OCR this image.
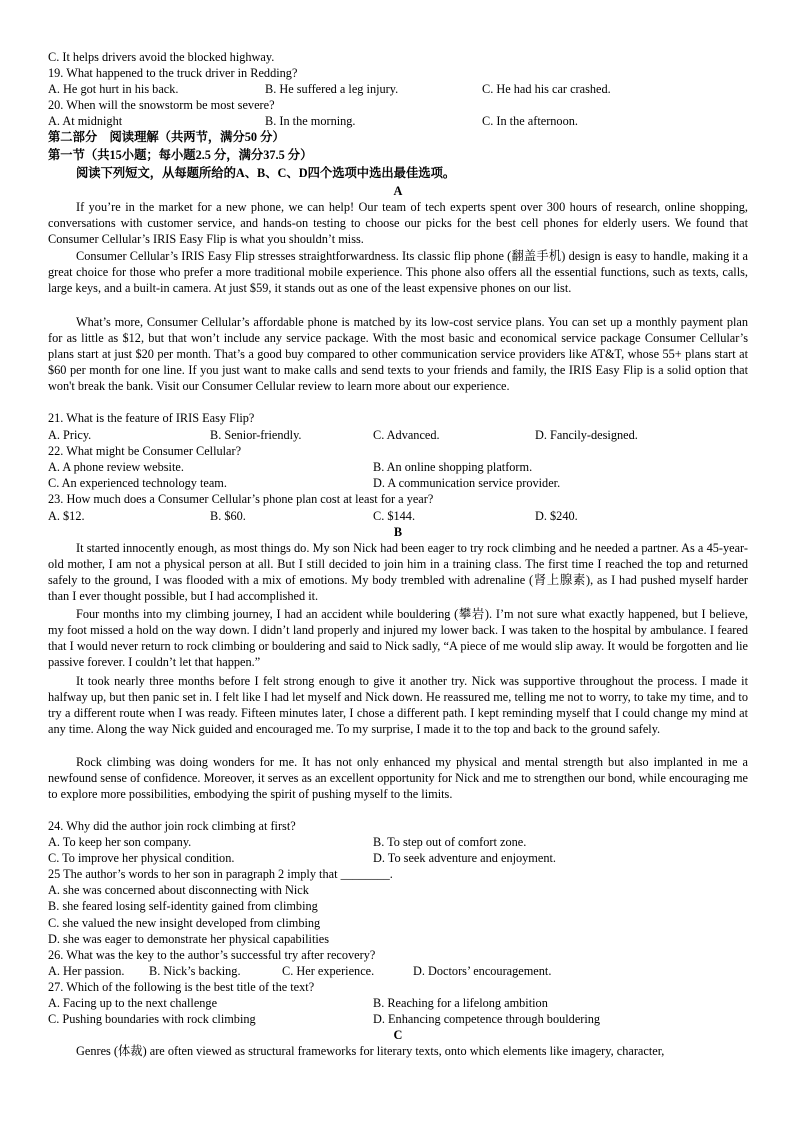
C. It helps drivers avoid the blocked highway.
19. What happened to the truck driver in Redding?
A. He got hurt in his back.	B. He suffered a leg injury.	C. He had his car crashed.
20. When will the snowstorm be most severe?
A. At midnight	B. In the morning.	C. In the afternoon.
第二部分　阅读理解（共两节，满分50 分）
第一节（共15小题；每小题2.5 分，满分37.5 分）
阅读下列短文，从每题所给的A、B、C、D四个选项中选出最佳选项。
A

If you’re in the market for a new phone, we can help! Our team of tech experts spent over 300 hours of research, online shopping, conversations with customer service, and hands-on testing to choose our picks for the best cell phones for elderly users. We found that Consumer Cellular’s IRIS Easy Flip is what you shouldn’t miss.

Consumer Cellular’s IRIS Easy Flip stresses straightforwardness. Its classic flip phone (翻盖手机) design is easy to handle, making it a great choice for those who prefer a more traditional mobile experience. This phone also offers all the essential functions, such as texts, calls, large keys, and a built-in camera. At just $59, it stands out as one of the least expensive phones on our list.

What’s more, Consumer Cellular’s affordable phone is matched by its low-cost service plans. You can set up a monthly payment plan for as little as $12, but that won’t include any service package. With the most basic and economical service package Consumer Cellular’s plans start at just $20 per month. That’s a good buy compared to other communication service providers like AT&T, whose 55+ plans start at $60 per month for one line. If you just want to make calls and send texts to your friends and family, the IRIS Easy Flip is a solid option that won't break the bank. Visit our Consumer Cellular review to learn more about our experience.

21. What is the feature of IRIS Easy Flip?
A. Pricy.	B. Senior-friendly.	C. Advanced.	D. Fancily-designed.
22. What might be Consumer Cellular?
A. A phone review website.	B. An online shopping platform.
C. An experienced technology team.	D. A communication service provider.
23. How much does a Consumer Cellular’s phone plan cost at least for a year?
A. $12.	B. $60.	C. $144.	D. $240.
B

It started innocently enough, as most things do. My son Nick had been eager to try rock climbing and he needed a partner. As a 45-year-old mother, I am not a physical person at all. But I still decided to join him in a training class. The first time I reached the top and returned safely to the ground, I was flooded with a mix of emotions. My body trembled with adrenaline (肾上腺素), as I had pushed myself harder than I ever thought possible, but I had accomplished it.

Four months into my climbing journey, I had an accident while bouldering (攀岩). I’m not sure what exactly happened, but I believe, my foot missed a hold on the way down. I didn’t land properly and injured my lower back. I was taken to the hospital by ambulance. I feared that I would never return to rock climbing or bouldering and said to Nick sadly, “A piece of me would slip away. It would be forgotten and lie passive forever. I couldn’t let that happen.”

It took nearly three months before I felt strong enough to give it another try. Nick was supportive throughout the process. I made it halfway up, but then panic set in. I felt like I had let myself and Nick down. He reassured me, telling me not to worry, to take my time, and to try a different route when I was ready. Fifteen minutes later, I chose a different path. I kept reminding myself that I could change my mind at any time. Along the way Nick guided and encouraged me. To my surprise, I made it to the top and back to the ground safely.

Rock climbing was doing wonders for me. It has not only enhanced my physical and mental strength but also implanted in me a newfound sense of confidence. Moreover, it serves as an excellent opportunity for Nick and me to strengthen our bond, while encouraging me to explore more possibilities, embodying the spirit of pushing myself to the limits.

24. Why did the author join rock climbing at first?
A. To keep her son company.	B. To step out of comfort zone.
C. To improve her physical condition.	D. To seek adventure and enjoyment.
25 The author’s words to her son in paragraph 2 imply that ________.
A. she was concerned about disconnecting with Nick
B. she feared losing self-identity gained from climbing
C. she valued the new insight developed from climbing
D. she was eager to demonstrate her physical capabilities
26. What was the key to the author’s successful try after recovery?
A. Her passion. B. Nick’s backing.	C. Her experience.	D. Doctors’ encouragement.
27. Which of the following is the best title of the text?
A. Facing up to the next challenge	B. Reaching for a lifelong ambition
C. Pushing boundaries with rock climbing	D. Enhancing competence through bouldering
C
Genres (体裁) are often viewed as structural frameworks for literary texts, onto which elements like imagery, character,
